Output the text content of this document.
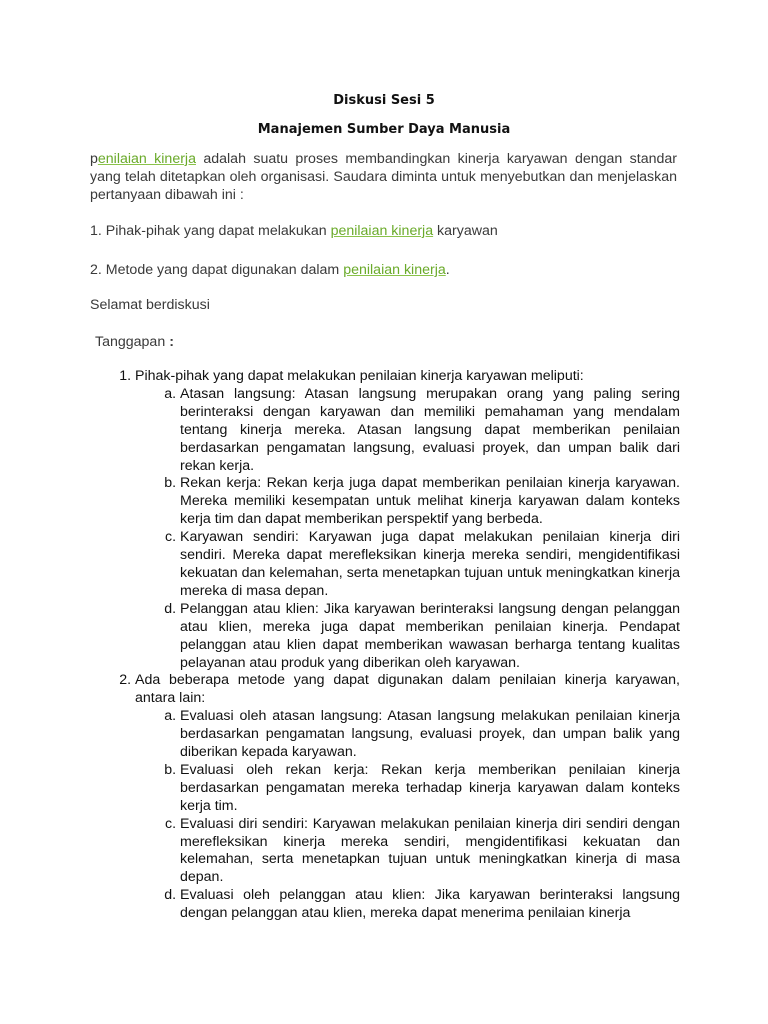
Diskusi Sesi 5
Manajemen Sumber Daya Manusia
penilaian kinerja adalah suatu proses membandingkan kinerja karyawan dengan standar yang telah ditetapkan oleh organisasi. Saudara diminta untuk menyebutkan dan menjelaskan pertanyaan dibawah ini :
1. Pihak-pihak yang dapat melakukan penilaian kinerja karyawan
2. Metode yang dapat digunakan dalam penilaian kinerja.
Selamat berdiskusi
Tanggapan :
1. Pihak-pihak yang dapat melakukan penilaian kinerja karyawan meliputi:
a. Atasan langsung: Atasan langsung merupakan orang yang paling sering berinteraksi dengan karyawan dan memiliki pemahaman yang mendalam tentang kinerja mereka. Atasan langsung dapat memberikan penilaian berdasarkan pengamatan langsung, evaluasi proyek, dan umpan balik dari rekan kerja.
b. Rekan kerja: Rekan kerja juga dapat memberikan penilaian kinerja karyawan. Mereka memiliki kesempatan untuk melihat kinerja karyawan dalam konteks kerja tim dan dapat memberikan perspektif yang berbeda.
c. Karyawan sendiri: Karyawan juga dapat melakukan penilaian kinerja diri sendiri. Mereka dapat merefleksikan kinerja mereka sendiri, mengidentifikasi kekuatan dan kelemahan, serta menetapkan tujuan untuk meningkatkan kinerja mereka di masa depan.
d. Pelanggan atau klien: Jika karyawan berinteraksi langsung dengan pelanggan atau klien, mereka juga dapat memberikan penilaian kinerja. Pendapat pelanggan atau klien dapat memberikan wawasan berharga tentang kualitas pelayanan atau produk yang diberikan oleh karyawan.
2. Ada beberapa metode yang dapat digunakan dalam penilaian kinerja karyawan, antara lain:
a. Evaluasi oleh atasan langsung: Atasan langsung melakukan penilaian kinerja berdasarkan pengamatan langsung, evaluasi proyek, dan umpan balik yang diberikan kepada karyawan.
b. Evaluasi oleh rekan kerja: Rekan kerja memberikan penilaian kinerja berdasarkan pengamatan mereka terhadap kinerja karyawan dalam konteks kerja tim.
c. Evaluasi diri sendiri: Karyawan melakukan penilaian kinerja diri sendiri dengan merefleksikan kinerja mereka sendiri, mengidentifikasi kekuatan dan kelemahan, serta menetapkan tujuan untuk meningkatkan kinerja di masa depan.
d. Evaluasi oleh pelanggan atau klien: Jika karyawan berinteraksi langsung dengan pelanggan atau klien, mereka dapat menerima penilaian kinerja
